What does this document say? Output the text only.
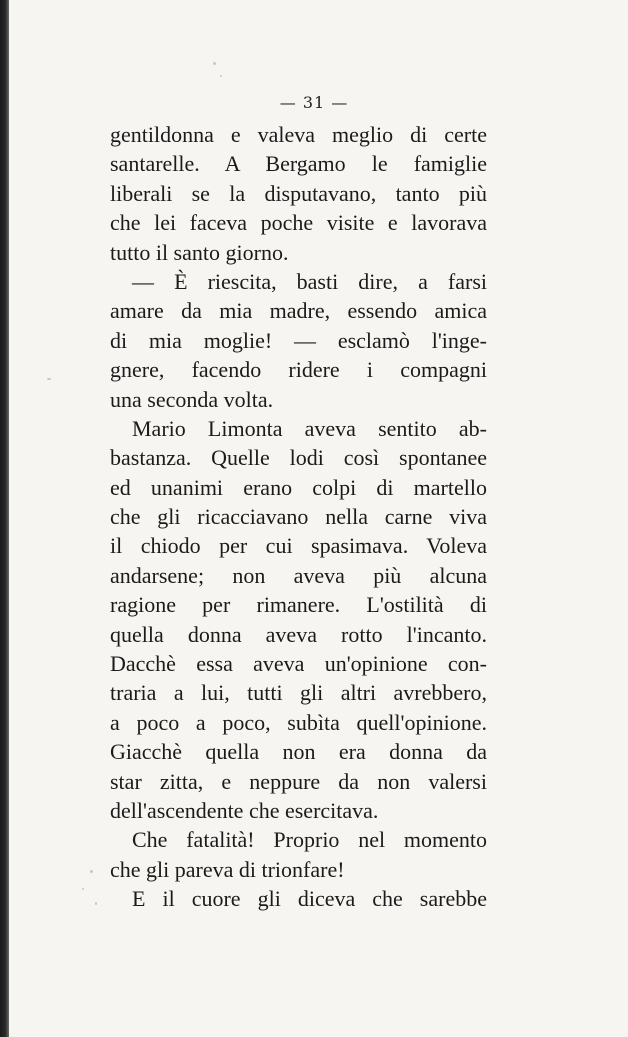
— 31 —
gentildonna e valeva meglio di certe
santarelle. A Bergamo le famiglie
liberali se la disputavano, tanto più
che lei faceva poche visite e lavorava
tutto il santo giorno.
— È riescita, basti dire, a farsi
amare da mia madre, essendo amica
di mia moglie! — esclamò l'inge-
gnere, facendo ridere i compagni
una seconda volta.
Mario Limonta aveva sentito ab-
bastanza. Quelle lodi così spontanee
ed unanimi erano colpi di martello
che gli ricacciavano nella carne viva
il chiodo per cui spasimava. Voleva
andarsene; non aveva più alcuna
ragione per rimanere. L'ostilità di
quella donna aveva rotto l'incanto.
Dacchè essa aveva un'opinione con-
traria a lui, tutti gli altri avrebbero,
a poco a poco, subìta quell'opinione.
Giacchè quella non era donna da
star zitta, e neppure da non valersi
dell'ascendente che esercitava.
Che fatalità! Proprio nel momento
che gli pareva di trionfare!
E il cuore gli diceva che sarebbe
